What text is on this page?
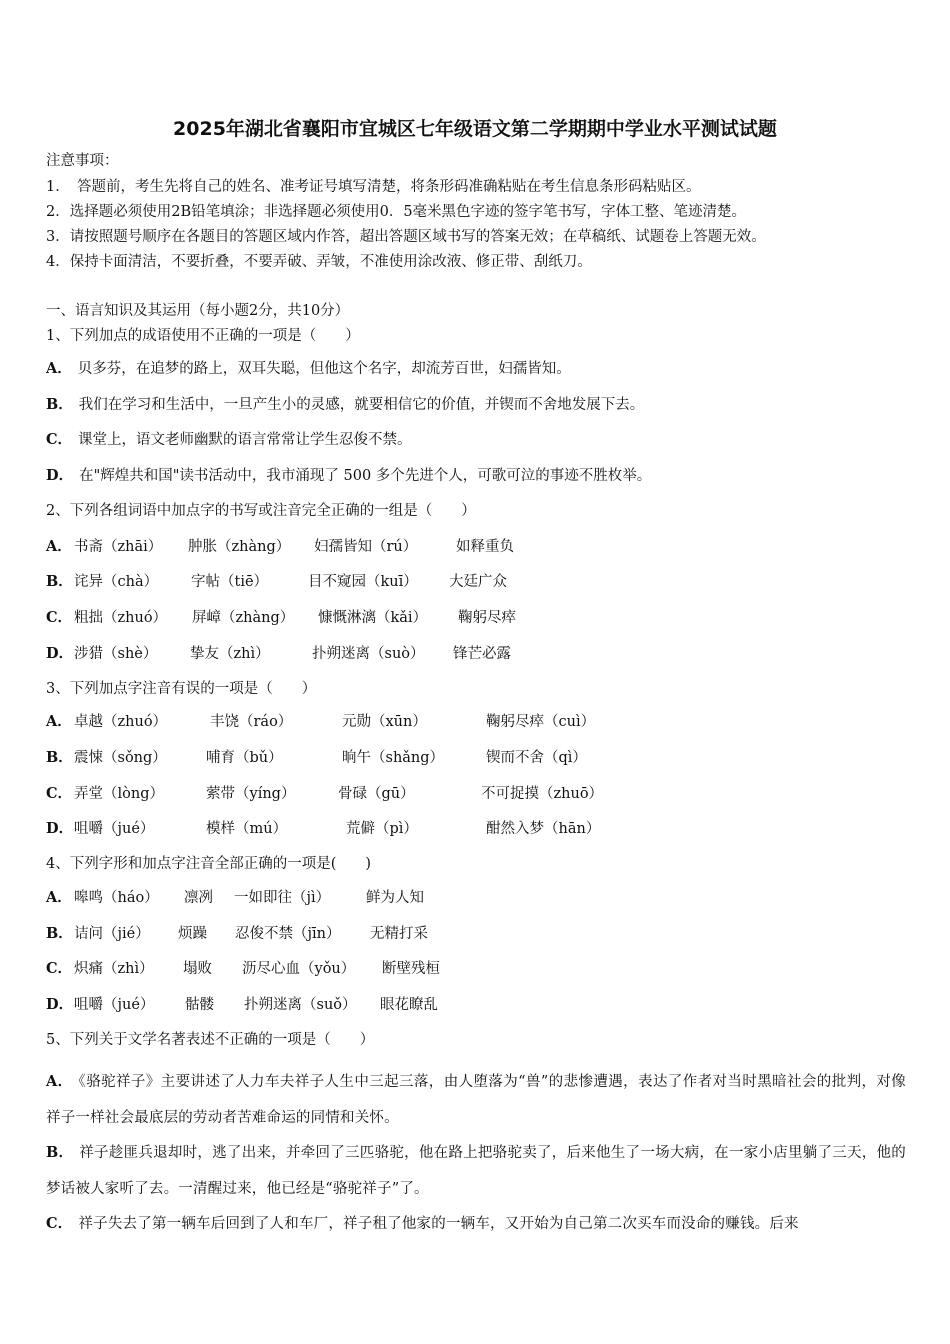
2025年湖北省襄阳市宜城区七年级语文第二学期期中学业水平测试试题
注意事项：
1．　答题前，考生先将自己的姓名、准考证号填写清楚，将条形码准确粘贴在考生信息条形码粘贴区。
2．选择题必须使用2B铅笔填涂；非选择题必须使用0．5毫米黑色字迹的签字笔书写，字体工整、笔迹清楚。
3．请按照题号顺序在各题目的答题区域内作答，超出答题区域书写的答案无效；在草稿纸、试题卷上答题无效。
4．保持卡面清洁，不要折叠，不要弄破、弄皱，不准使用涂改液、修正带、刮纸刀。
一、语言知识及其运用（每小题2分，共10分）
1、下列加点的成语使用不正确的一项是（　　）
A． 贝多芬，在追梦的路上，双耳失聪，但他这个名字，却流芳百世，妇孺皆知。
B． 我们在学习和生活中，一旦产生小的灵感，就要相信它的价值，并锲而不舍地发展下去。
C． 课堂上，语文老师幽默的语言常常让学生忍俊不禁。
D． 在"辉煌共和国"读书活动中，我市涌现了 500 多个先进个人，可歌可泣的事迹不胜枚举。
2、下列各组词语中加点字的书写或注音完全正确的一组是（　　）
A． 书斋（zhāi） 肿胀（zhàng） 妇孺皆知（rú）	如释重负
B． 诧异（chà） 字帖（tiē）	目不窥园（kuī） 大廷广众
C． 粗拙（zhuó） 屏嶂（zhàng） 慷慨淋漓（kǎi） 鞠躬尽瘁
D． 涉猎（shè） 挚友（zhì）	扑朔迷离（suò） 锋芒必露
3、下列加点字注音有误的一项是（　　）
A． 卓越（zhuó）	丰饶（ráo）	元勋（xūn）	鞠躬尽瘁（cuì）
B． 震悚（sǒng）	哺育（bǔ）	晌午（shǎng）	锲而不舍（qì）
C． 弄堂（lòng）	萦带（yíng）	骨碌（gū）	不可捉摸（zhuō）
D． 咀嚼（jué）	模样（mú）	荒僻（pì）	酣然入梦（hān）
4、下列字形和加点字注音全部正确的一项是(　　)
A． 嗥鸣（háo） 凛冽 一如即往（jì） 鲜为人知
B． 诘问（jié） 烦躁 忍俊不禁（jīn） 无精打采
C． 炽痛（zhì） 塌败 沥尽心血（yǒu） 断壁残桓
D． 咀嚼（jué） 骷髅 扑朔迷离（suǒ） 眼花瞭乱
5、下列关于文学名著表述不正确的一项是（　　）
A． 《骆驼祥子》主要讲述了人力车夫祥子人生中三起三落，由人堕落为“兽”的悲惨遭遇，表达了作者对当时黑暗社会的批判，对像祥子一样社会最底层的劳动者苦难命运的同情和关怀。
B． 祥子趁匪兵退却时，逃了出来，并牵回了三匹骆驼，他在路上把骆驼卖了，后来他生了一场大病，在一家小店里躺了三天，他的梦话被人家听了去。一清醒过来，他已经是“骆驼祥子”了。
C． 祥子失去了第一辆车后回到了人和车厂，祥子租了他家的一辆车，又开始为自己第二次买车而没命的赚钱。后来
